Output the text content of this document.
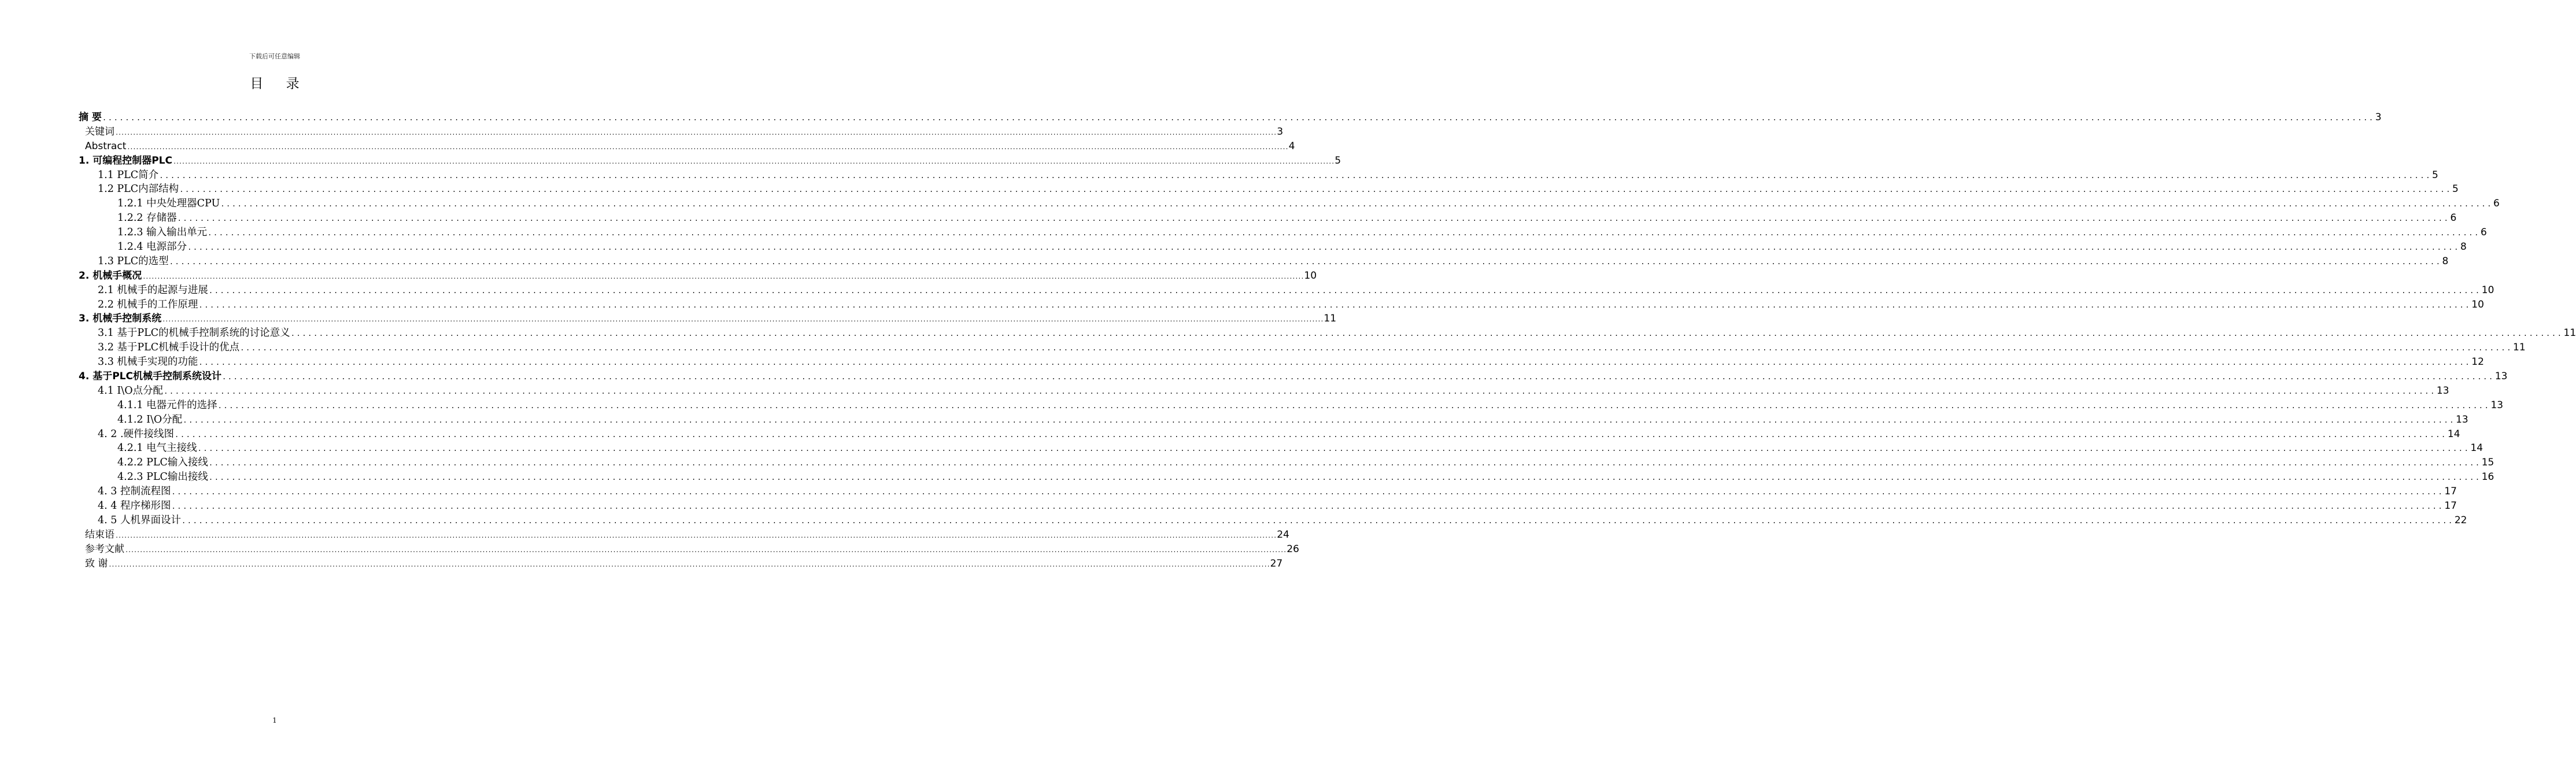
下载后可任意编辑
目 录
摘 要 ................................................................................................................................................................................................................................................................................................................................................................................................................ 3
关键词 ................................................................................................................................................................................................................................................................................................................................................................................................................ 3
Abstract ................................................................................................................................................................................................................................................................................................................................................................................................................ 4
1. 可编程控制器PLC ................................................................................................................................................................................................................................................................................................................................................................................................................ 5
1.1 PLC简介 ................................................................................................................................................................................................................................................................................................................................................................................................................ 5
1.2 PLC内部结构 ................................................................................................................................................................................................................................................................................................................................................................................................................ 5
1.2.1 中央处理器CPU ................................................................................................................................................................................................................................................................................................................................................................................................................ 6
1.2.2 存储器 ................................................................................................................................................................................................................................................................................................................................................................................................................ 6
1.2.3 输入输出单元 ................................................................................................................................................................................................................................................................................................................................................................................................................ 6
1.2.4 电源部分 ................................................................................................................................................................................................................................................................................................................................................................................................................ 8
1.3 PLC的选型 ................................................................................................................................................................................................................................................................................................................................................................................................................ 8
2. 机械手概况 ................................................................................................................................................................................................................................................................................................................................................................................................................ 10
2.1 机械手的起源与进展 ................................................................................................................................................................................................................................................................................................................................................................................................................ 10
2.2 机械手的工作原理 ................................................................................................................................................................................................................................................................................................................................................................................................................ 10
3. 机械手控制系统 ................................................................................................................................................................................................................................................................................................................................................................................................................ 11
3.1 基于PLC的机械手控制系统的讨论意义 ................................................................................................................................................................................................................................................................................................................................................................................................................ 11
3.2 基于PLC机械手设计的优点 ................................................................................................................................................................................................................................................................................................................................................................................................................ 11
3.3 机械手实现的功能 ................................................................................................................................................................................................................................................................................................................................................................................................................ 12
4. 基于PLC机械手控制系统设计 ................................................................................................................................................................................................................................................................................................................................................................................................................ 13
4.1 I\O点分配 ................................................................................................................................................................................................................................................................................................................................................................................................................ 13
4.1.1 电器元件的选择 ................................................................................................................................................................................................................................................................................................................................................................................................................ 13
4.1.2 I\O分配 ................................................................................................................................................................................................................................................................................................................................................................................................................ 13
4. 2 .硬件接线图 ................................................................................................................................................................................................................................................................................................................................................................................................................ 14
4.2.1 电气主接线 ................................................................................................................................................................................................................................................................................................................................................................................................................ 14
4.2.2 PLC输入接线 ................................................................................................................................................................................................................................................................................................................................................................................................................ 15
4.2.3 PLC输出接线 ................................................................................................................................................................................................................................................................................................................................................................................................................ 16
4. 3 控制流程图 ................................................................................................................................................................................................................................................................................................................................................................................................................ 17
4. 4 程序梯形图 ................................................................................................................................................................................................................................................................................................................................................................................................................ 17
4. 5 人机界面设计 ................................................................................................................................................................................................................................................................................................................................................................................................................ 22
结束语 ................................................................................................................................................................................................................................................................................................................................................................................................................ 24
参考文献 ................................................................................................................................................................................................................................................................................................................................................................................................................ 26
致 谢 ................................................................................................................................................................................................................................................................................................................................................................................................................ 27
1
